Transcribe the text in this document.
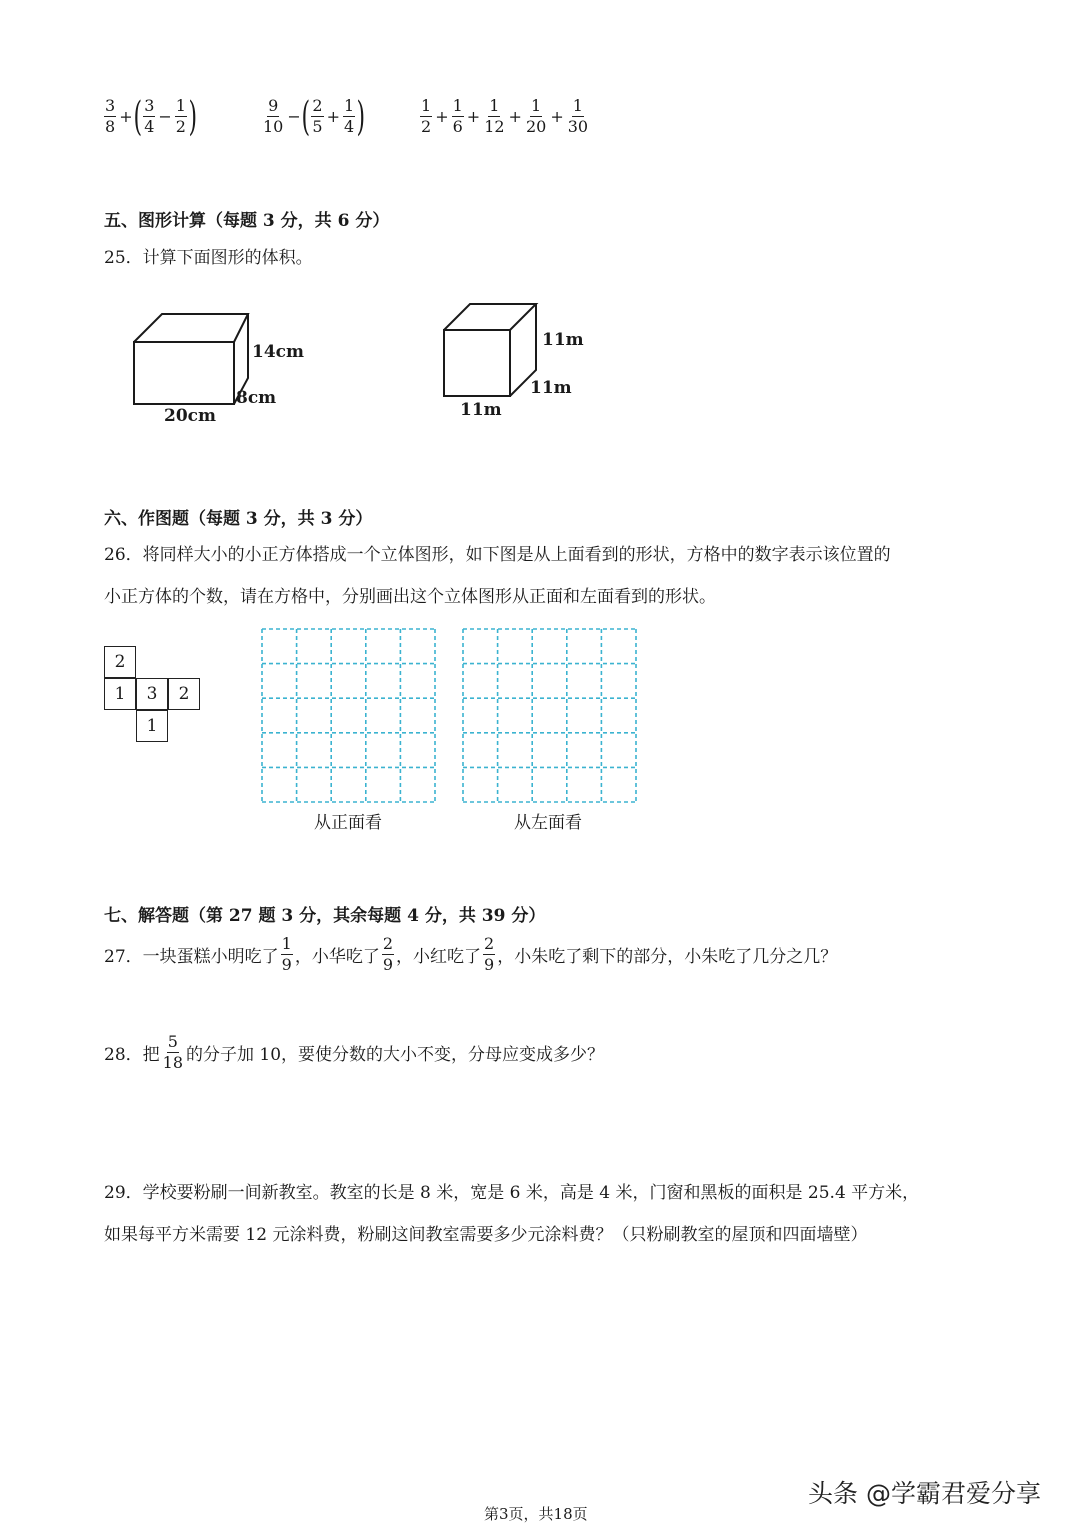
$\frac{3}{8}$ + ( $\frac{3}{4} - \frac{1}{2}$ )	$\frac{9}{10}$ − ( $\frac{2}{5} + \frac{1}{4}$ )	$\frac{1}{2} + \frac{1}{6} + \frac{1}{12} + \frac{1}{20} + \frac{1}{30}$
五、图形计算（每题 3 分，共 6 分）
25．计算下面图形的体积。
14cm
8cm
20cm
11m
11m
11m
六、作图题（每题 3 分，共 3 分）
26．将同样大小的小正方体搭成一个立体图形，如下图是从上面看到的形状，方格中的数字表示该位置的
小正方体的个数，请在方格中，分别画出这个立体图形从正面和左面看到的形状。
2
1	3	2
1
从正面看	从左面看
七、解答题（第 27 题 3 分，其余每题 4 分，共 39 分）
27．一块蛋糕小明吃了 $\frac{1}{9}$ ，小华吃了 $\frac{2}{9}$ ，小红吃了 $\frac{2}{9}$ ，小朱吃了剩下的部分，小朱吃了几分之几？
28．把 $\frac{5}{18}$ 的分子加 10，要使分数的大小不变，分母应变成多少？
29．学校要粉刷一间新教室。教室的长是 8 米，宽是 6 米，高是 4 米，门窗和黑板的面积是 25.4 平方米，
如果每平方米需要 12 元涂料费，粉刷这间教室需要多少元涂料费？（只粉刷教室的屋顶和四面墙壁）
头条 @学霸君爱分享
第3页，共18页
